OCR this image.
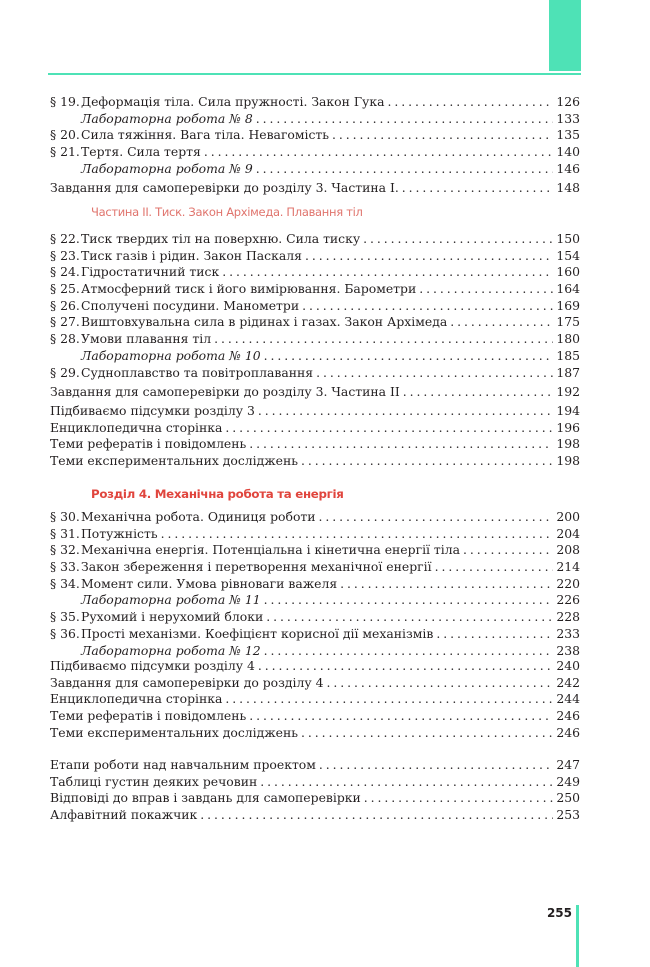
§ 19. Деформація тіла. Сила пружності. Закон Гука . . .	126
Лабораторна робота № 8 . . .	133
§ 20. Сила тяжіння. Вага тіла. Невагомість . . .	135
§ 21. Тертя. Сила тертя . . .	140
Лабораторна робота № 9 . . .	146
Завдання для самоперевірки до розділу 3. Частина I. . . .	148
Частина ІІ. Тиск. Закон Архімеда. Плавання тіл
§ 22. Тиск твердих тіл на поверхню. Сила тиску . . .	150
§ 23. Тиск газів і рідин. Закон Паскаля . . .	154
§ 24. Гідростатичний тиск . . .	160
§ 25. Атмосферний тиск і його вимірювання. Барометри . . .	164
§ 26. Сполучені посудини. Манометри . . .	169
§ 27. Виштовхувальна сила в рідинах і газах. Закон Архімеда . . .	175
§ 28. Умови плавання тіл . . .	180
Лабораторна робота № 10 . . .	185
§ 29. Судноплавство та повітроплавання . . .	187
Завдання для самоперевірки до розділу 3. Частина II . . .	192
Підбиваємо підсумки розділу 3 . . .	194
Енциклопедична сторінка . . .	196
Теми рефератів і повідомлень . . .	198
Теми експериментальних досліджень . . .	198
Розділ 4. Механічна робота та енергія
§ 30. Механічна робота. Одиниця роботи . . .	200
§ 31. Потужність . . .	204
§ 32. Механічна енергія. Потенціальна і кінетична енергії тіла . . .	208
§ 33. Закон збереження і перетворення механічної енергії . . .	214
§ 34. Момент сили. Умова рівноваги важеля . . .	220
Лабораторна робота № 11 . . .	226
§ 35. Рухомий і нерухомий блоки . . .	228
§ 36. Прості механізми. Коефіцієнт корисної дії механізмів . . .	233
Лабораторна робота № 12 . . .	238
Підбиваємо підсумки розділу 4 . . .	240
Завдання для самоперевірки до розділу 4 . . .	242
Енциклопедична сторінка . . .	244
Теми рефератів і повідомлень . . .	246
Теми експериментальних досліджень . . .	246
Етапи роботи над навчальним проектом . . .	247
Таблиці густин деяких речовин . . .	249
Відповіді до вправ і завдань для самоперевірки . . .	250
Алфавітний покажчик . . .	253
255
